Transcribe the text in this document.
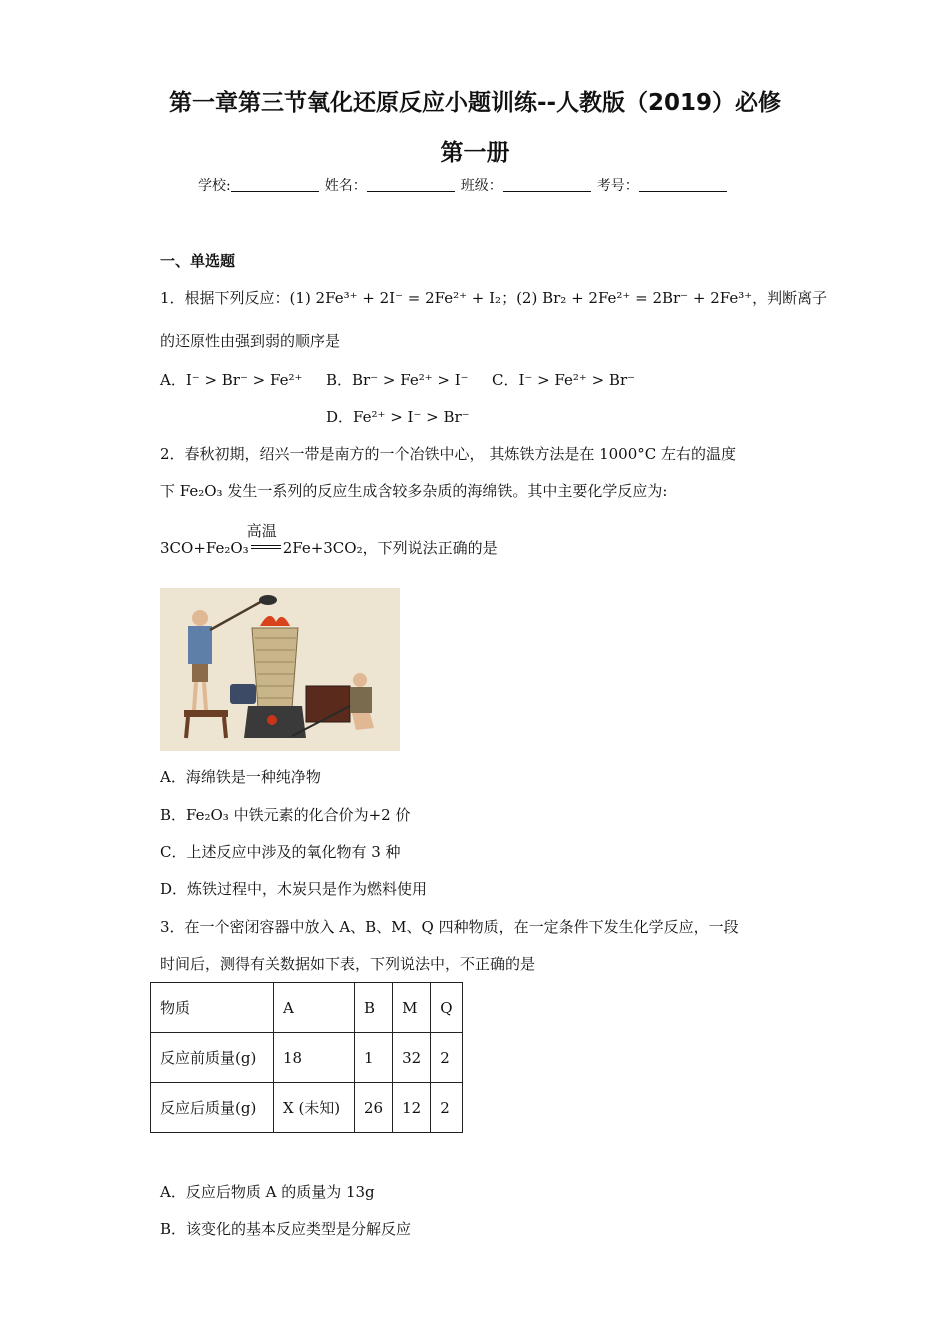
第一章第三节氧化还原反应小题训练--人教版（2019）必修
第一册
学校:	姓名：	班级：	考号：
一、单选题
1．根据下列反应：(1) 2Fe³⁺ + 2I⁻ = 2Fe²⁺ + I₂；(2) Br₂ + 2Fe²⁺ = 2Br⁻ + 2Fe³⁺，判断离子
的还原性由强到弱的顺序是
A．I⁻ > Br⁻ > Fe²⁺ B．Br⁻ > Fe²⁺ > I⁻ C．I⁻ > Fe²⁺ > Br⁻
D．Fe²⁺ > I⁻ > Br⁻
2．春秋初期，绍兴一带是南方的一个冶铁中心， 其炼铁方法是在 1000°C 左右的温度
下 Fe₂O₃ 发生一系列的反应生成含较多杂质的海绵铁。其中主要化学反应为:
3CO+Fe₂O₃
高温
2Fe+3CO₂，下列说法正确的是
A．海绵铁是一种纯净物
B．Fe₂O₃ 中铁元素的化合价为+2 价
C．上述反应中涉及的氧化物有 3 种
D．炼铁过程中，木炭只是作为燃料使用
3．在一个密闭容器中放入 A、B、M、Q 四种物质，在一定条件下发生化学反应，一段
时间后，测得有关数据如下表，下列说法中，不正确的是
物质	A	B	M	Q
反应前质量(g)	18	1	32	2
反应后质量(g)	X (未知)	26	12	2
A．反应后物质 A 的质量为 13g
B．该变化的基本反应类型是分解反应
